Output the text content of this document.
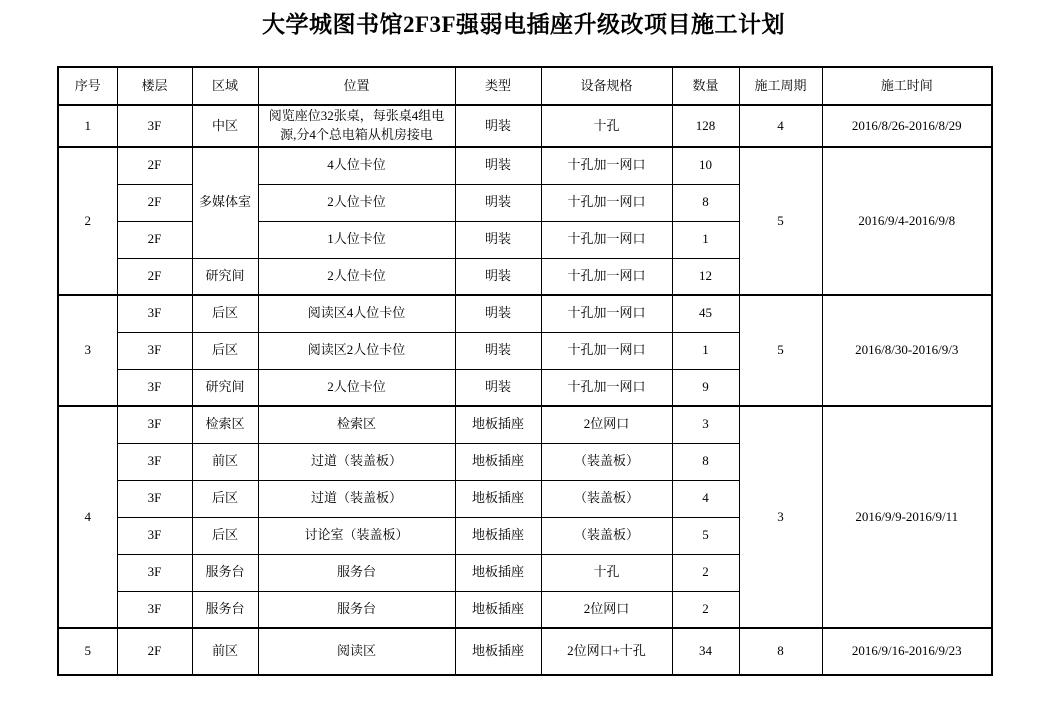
大学城图书馆2F3F强弱电插座升级改项目施工计划
序号	楼层	区域	位置	类型	设备规格	数量	施工周期	施工时间
1	3F	中区	阅览座位32张桌，每张桌4组电源,分4个总电箱从机房接电	明装	十孔	128	4	2016/8/26-2016/8/29
2	2F	多媒体室	4人位卡位	明装	十孔加一网口	10	5	2016/9/4-2016/9/8
	2F		2人位卡位	明装	十孔加一网口	8		
	2F		1人位卡位	明装	十孔加一网口	1		
	2F	研究间	2人位卡位	明装	十孔加一网口	12		
3	3F	后区	阅读区4人位卡位	明装	十孔加一网口	45	5	2016/8/30-2016/9/3
	3F	后区	阅读区2人位卡位	明装	十孔加一网口	1		
	3F	研究间	2人位卡位	明装	十孔加一网口	9		
4	3F	检索区	检索区	地板插座	2位网口	3	3	2016/9/9-2016/9/11
	3F	前区	过道（装盖板）	地板插座	（装盖板）	8		
	3F	后区	过道（装盖板）	地板插座	（装盖板）	4		
	3F	后区	讨论室（装盖板）	地板插座	（装盖板）	5		
	3F	服务台	服务台	地板插座	十孔	2		
	3F	服务台	服务台	地板插座	2位网口	2		
5	2F	前区	阅读区	地板插座	2位网口+十孔	34	8	2016/9/16-2016/9/23
